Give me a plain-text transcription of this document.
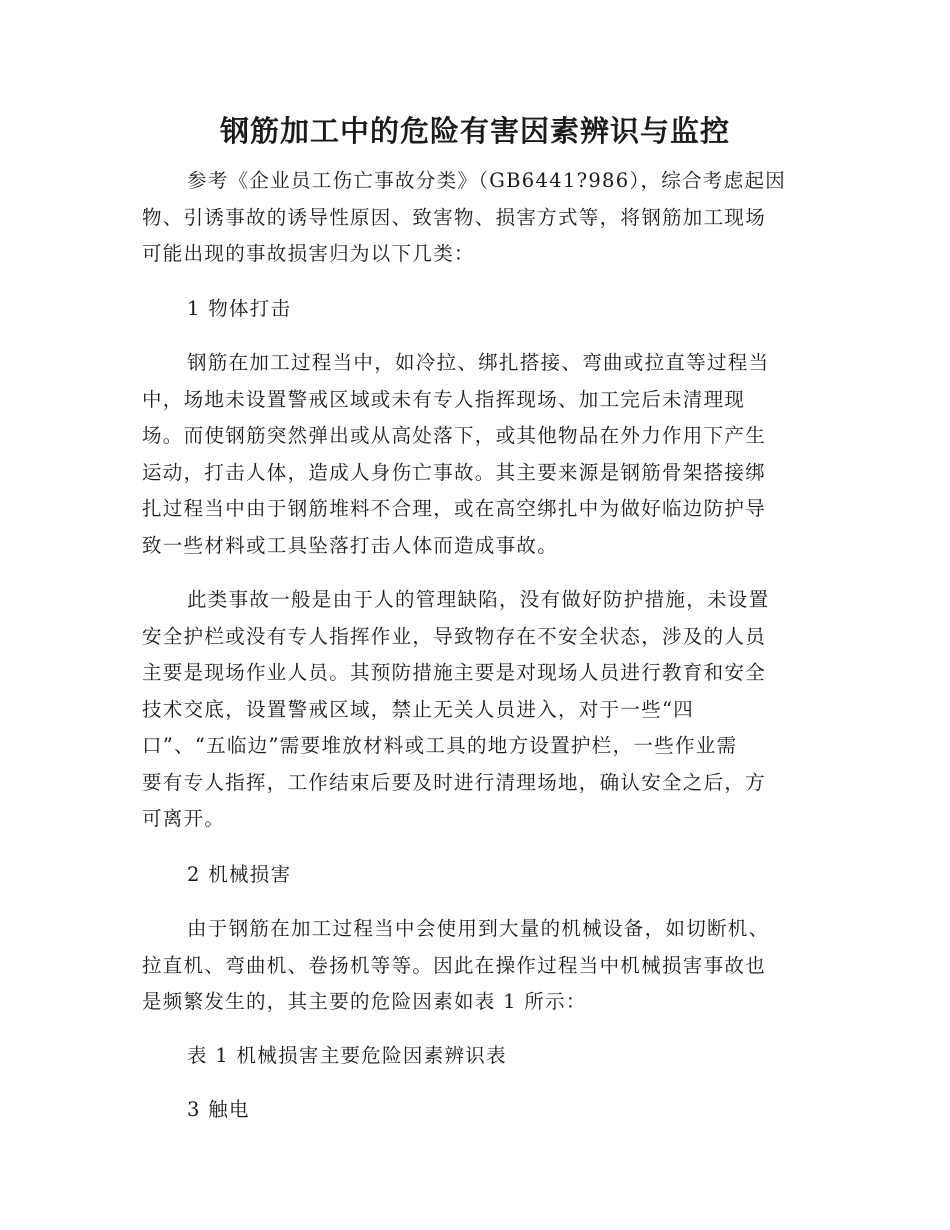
钢筋加工中的危险有害因素辨识与监控

参考《企业员工伤亡事故分类》（GB6441?986），综合考虑起因
物、引诱事故的诱导性原因、致害物、损害方式等，将钢筋加工现场
可能出现的事故损害归为以下几类：

1 物体打击

钢筋在加工过程当中，如冷拉、绑扎搭接、弯曲或拉直等过程当
中，场地未设置警戒区域或未有专人指挥现场、加工完后未清理现
场。而使钢筋突然弹出或从高处落下，或其他物品在外力作用下产生
运动，打击人体，造成人身伤亡事故。其主要来源是钢筋骨架搭接绑
扎过程当中由于钢筋堆料不合理，或在高空绑扎中为做好临边防护导
致一些材料或工具坠落打击人体而造成事故。

此类事故一般是由于人的管理缺陷，没有做好防护措施，未设置
安全护栏或没有专人指挥作业，导致物存在不安全状态，涉及的人员
主要是现场作业人员。其预防措施主要是对现场人员进行教育和安全
技术交底，设置警戒区域，禁止无关人员进入，对于一些“四
口”、“五临边”需要堆放材料或工具的地方设置护栏，一些作业需
要有专人指挥，工作结束后要及时进行清理场地，确认安全之后，方
可离开。

2 机械损害

由于钢筋在加工过程当中会使用到大量的机械设备，如切断机、
拉直机、弯曲机、卷扬机等等。因此在操作过程当中机械损害事故也
是频繁发生的，其主要的危险因素如表 1 所示：

表 1 机械损害主要危险因素辨识表
3 触电
